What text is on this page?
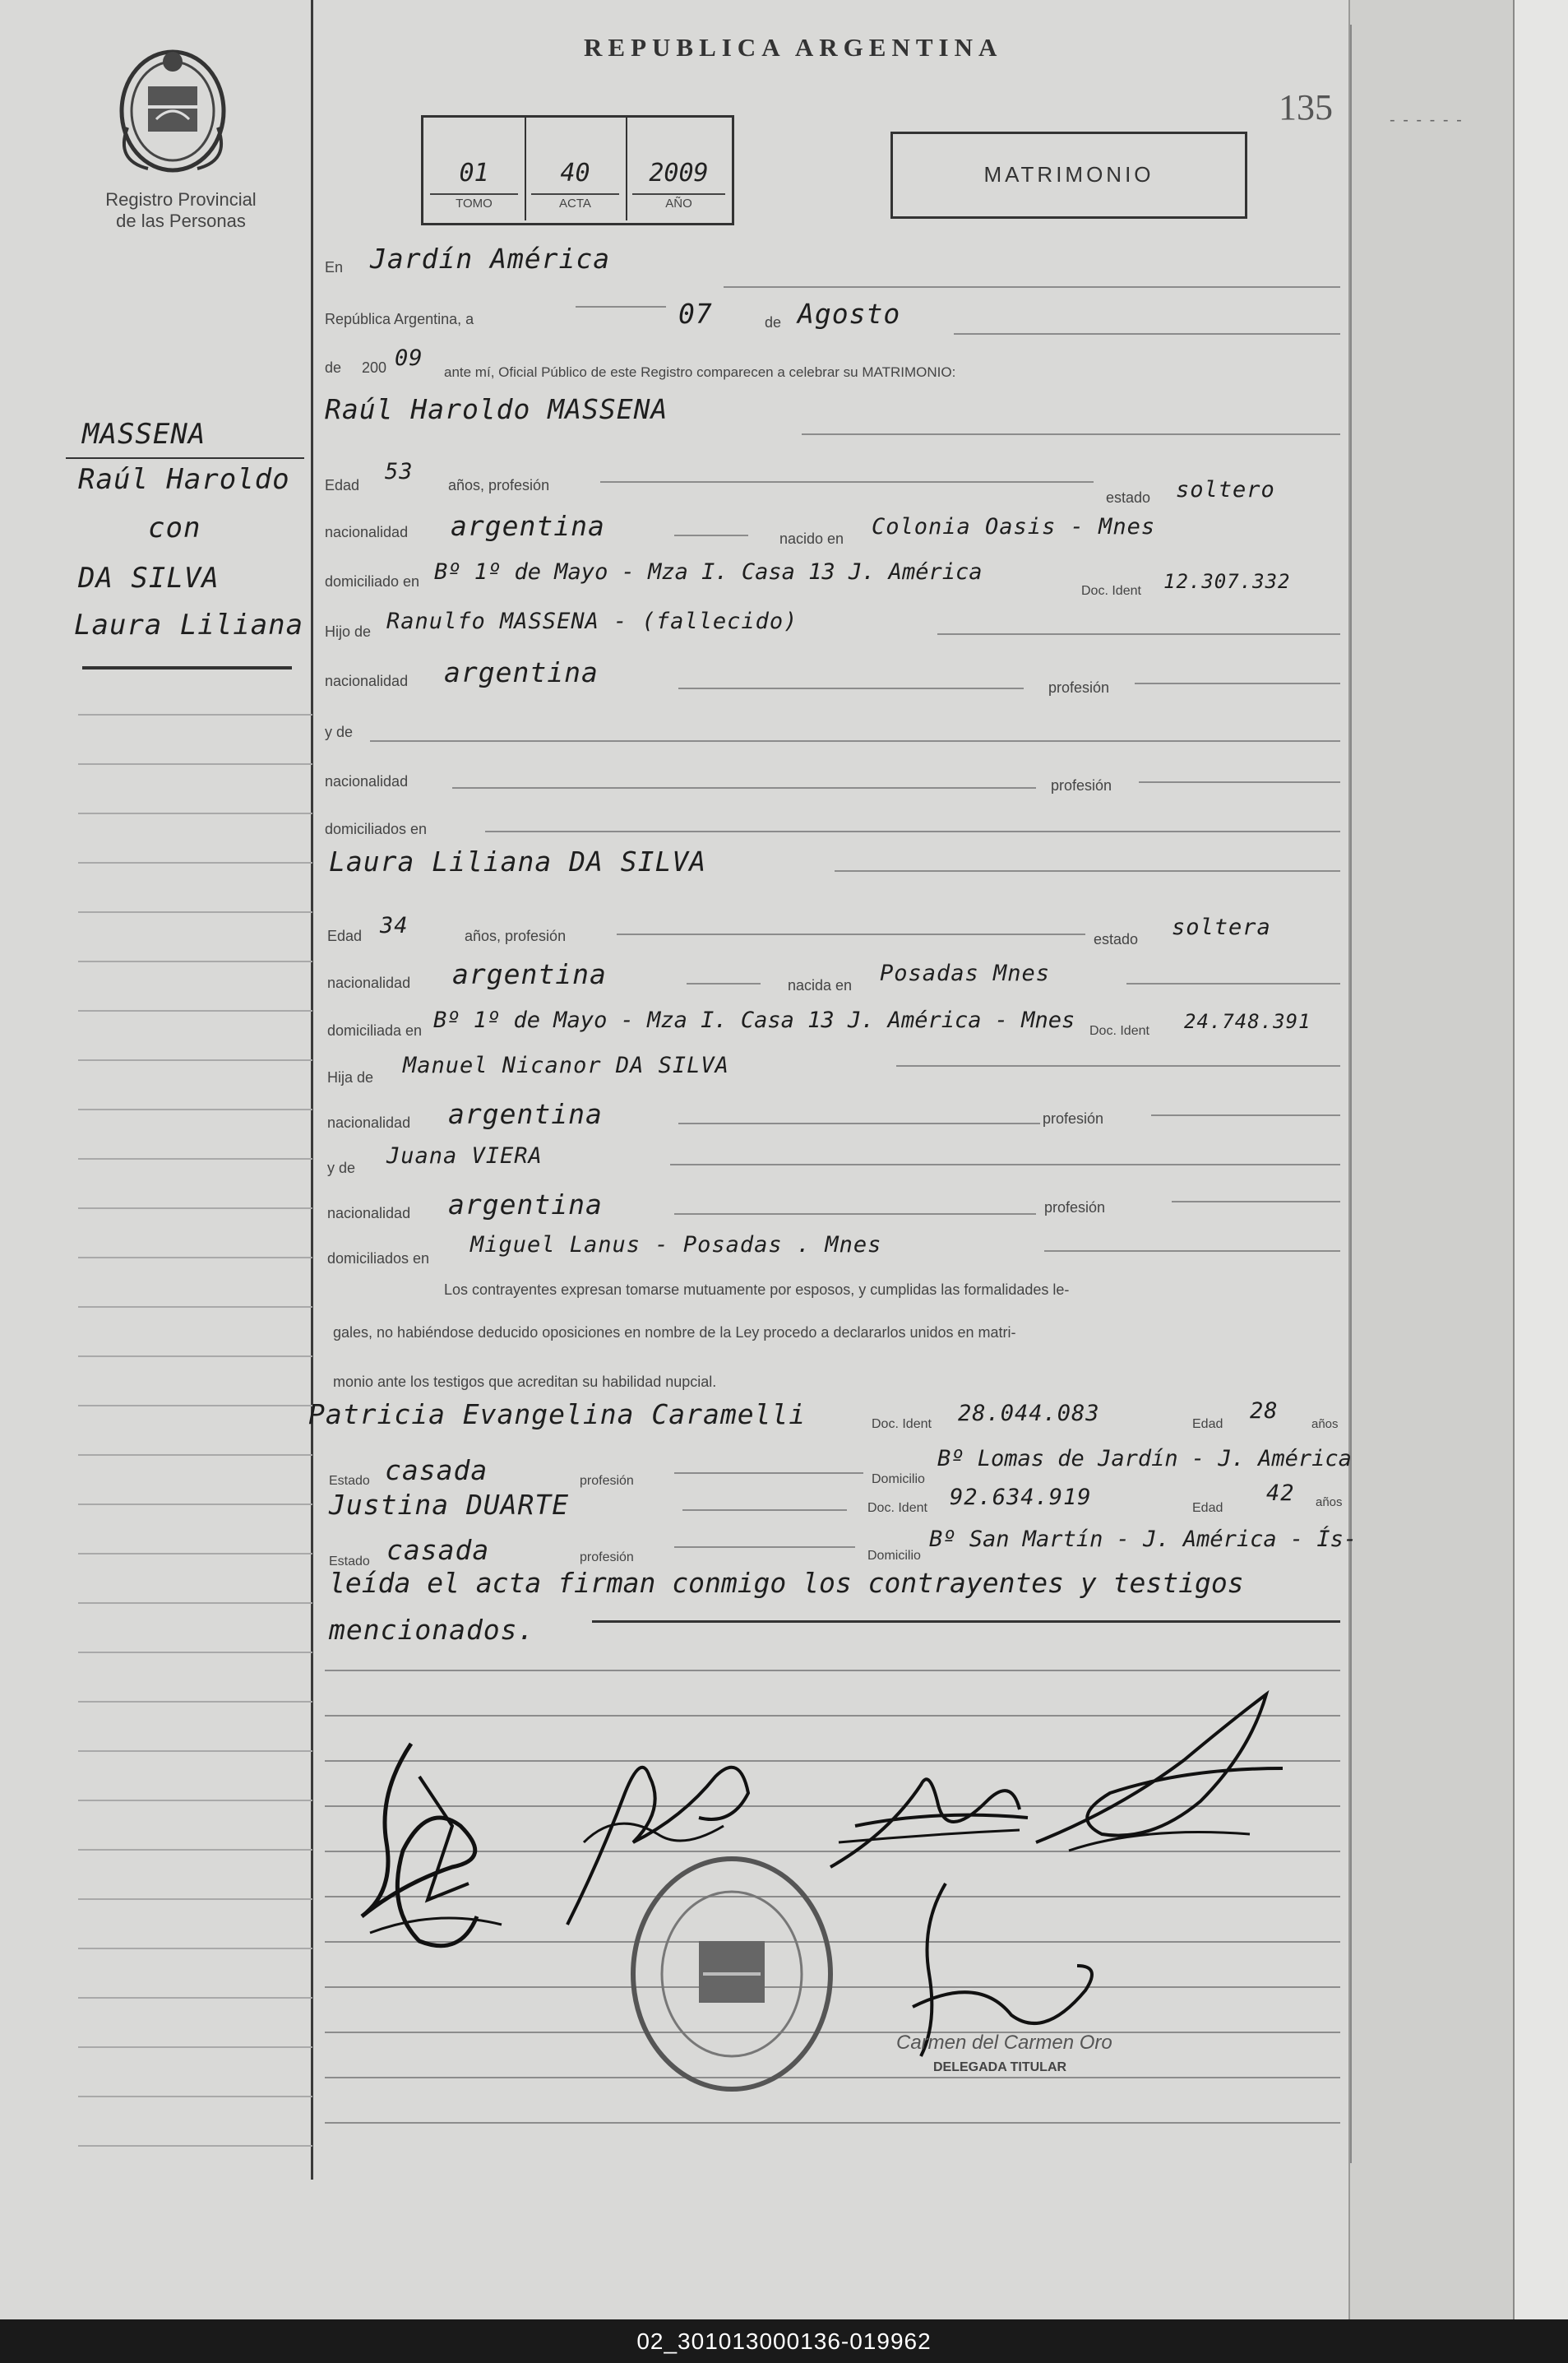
Registro Provincial
de las Personas
REPUBLICA ARGENTINA
135	- - - - - -
01
TOMO
40
ACTA
2009
AÑO
MATRIMONIO
MASSENA
Raúl Haroldo
con
DA SILVA
Laura Liliana
En Jardín América
República Argentina, a	07	de Agosto
de 200 09
ante mí, Oficial Público de este Registro comparecen a celebrar su MATRIMONIO:
Raúl Haroldo MASSENA
Edad
53
años, profesión
estado soltero
nacionalidad argentina	nacido en Colonia Oasis - Mnes
domiciliado en Bº 1º de Mayo - Mza I. Casa 13 J. América
Doc. Ident 12.307.332
Hijo de Ranulfo MASSENA - (fallecido)
nacionalidad argentina	profesión
y de
nacionalidad	profesión
domiciliados en
Laura Liliana DA SILVA
Edad 34	años, profesión	estado soltera
nacionalidad argentina	nacida en Posadas Mnes
domiciliada en Bº 1º de Mayo - Mza I. Casa 13 J. América - Mnes Doc. Ident 24.748.391
Hija de Manuel Nicanor DA SILVA
nacionalidad argentina	profesión
y de Juana VIERA
nacionalidad argentina	profesión
domiciliados en
Miguel Lanus - Posadas . Mnes
Los contrayentes expresan tomarse mutuamente por esposos, y cumplidas las formalidades le-
gales, no habiéndose deducido oposiciones en nombre de la Ley procedo a declararlos unidos en matri-
monio ante los testigos que acreditan su habilidad nupcial.
Patricia Evangelina Caramelli	Doc. Ident 28.044.083	Edad
28
años
Estado casada	profesión	Domicilio
Bº Lomas de Jardín - J. América
Justina DUARTE	Doc. Ident 92.634.919	Edad
42 años
Estado casada	profesión	Domicilio
Bº San Martín - J. América - Ís-
leída el acta firman conmigo los contrayentes y testigos
mencionados.
Carmen del Carmen Oro
DELEGADA TITULAR
02_301013000136-019962
